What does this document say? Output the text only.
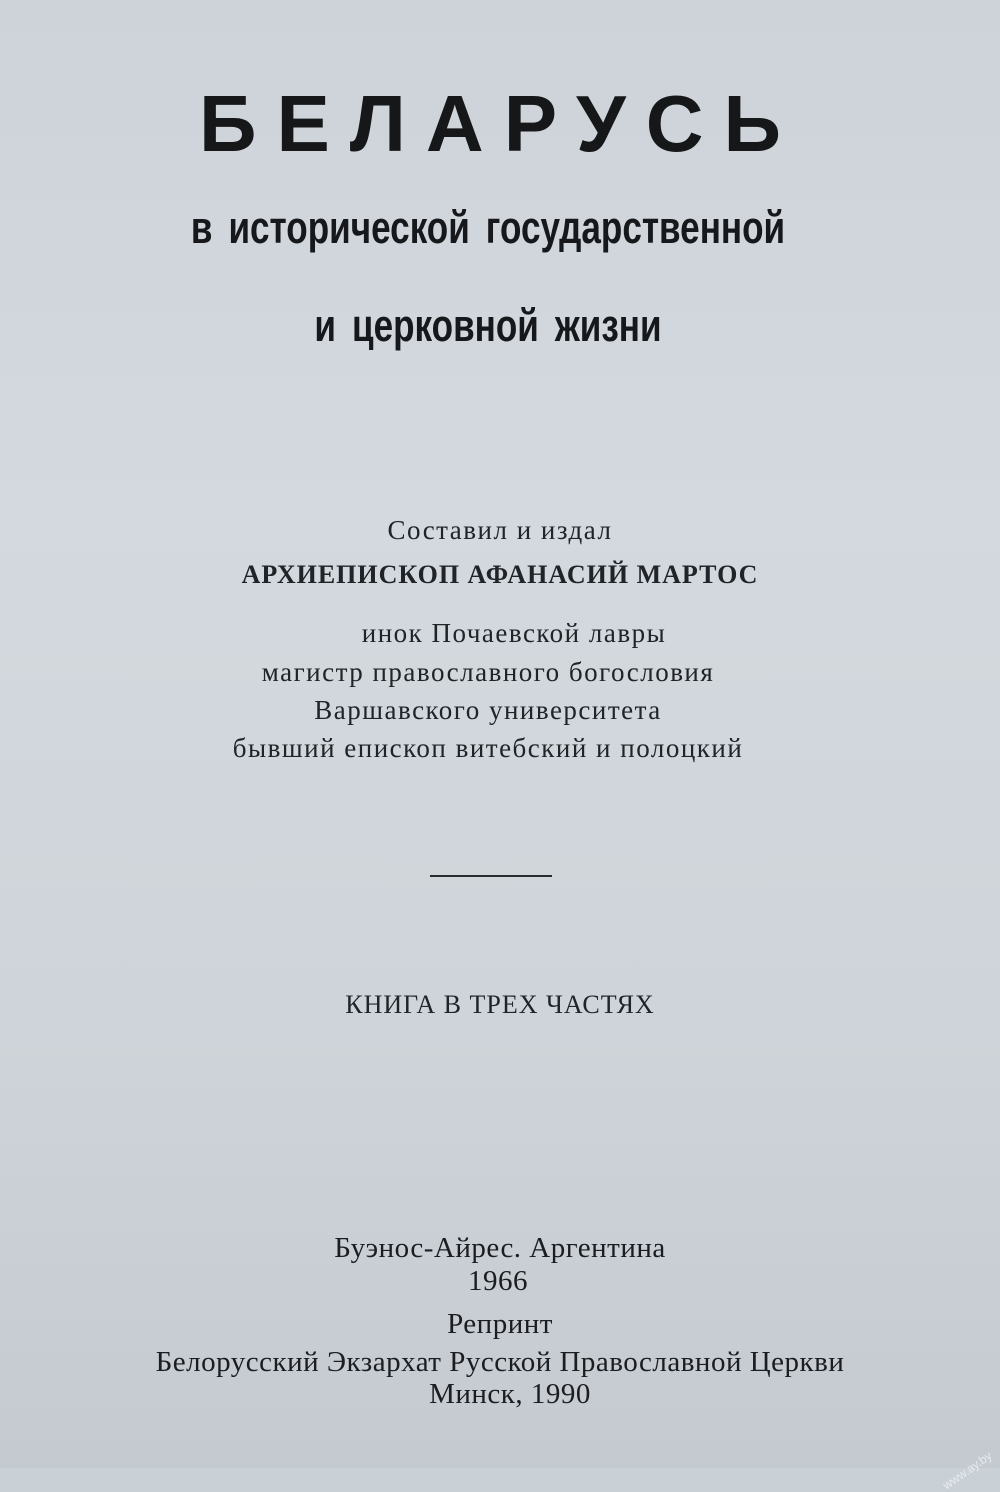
БЕЛАРУСЬ
в исторической государственной
и церковной жизни
Составил и издал
АРХИЕПИСКОП АФАНАСИЙ МАРТОС
инок Почаевской лавры
магистр православного богословия
Варшавского университета
бывший епископ витебский и полоцкий
КНИГА В ТРЕХ ЧАСТЯХ
Буэнос-Айрес. Аргентина
1966
Репринт
Белорусский Экзархат Русской Православной Церкви
Минск, 1990
www.ay.by
